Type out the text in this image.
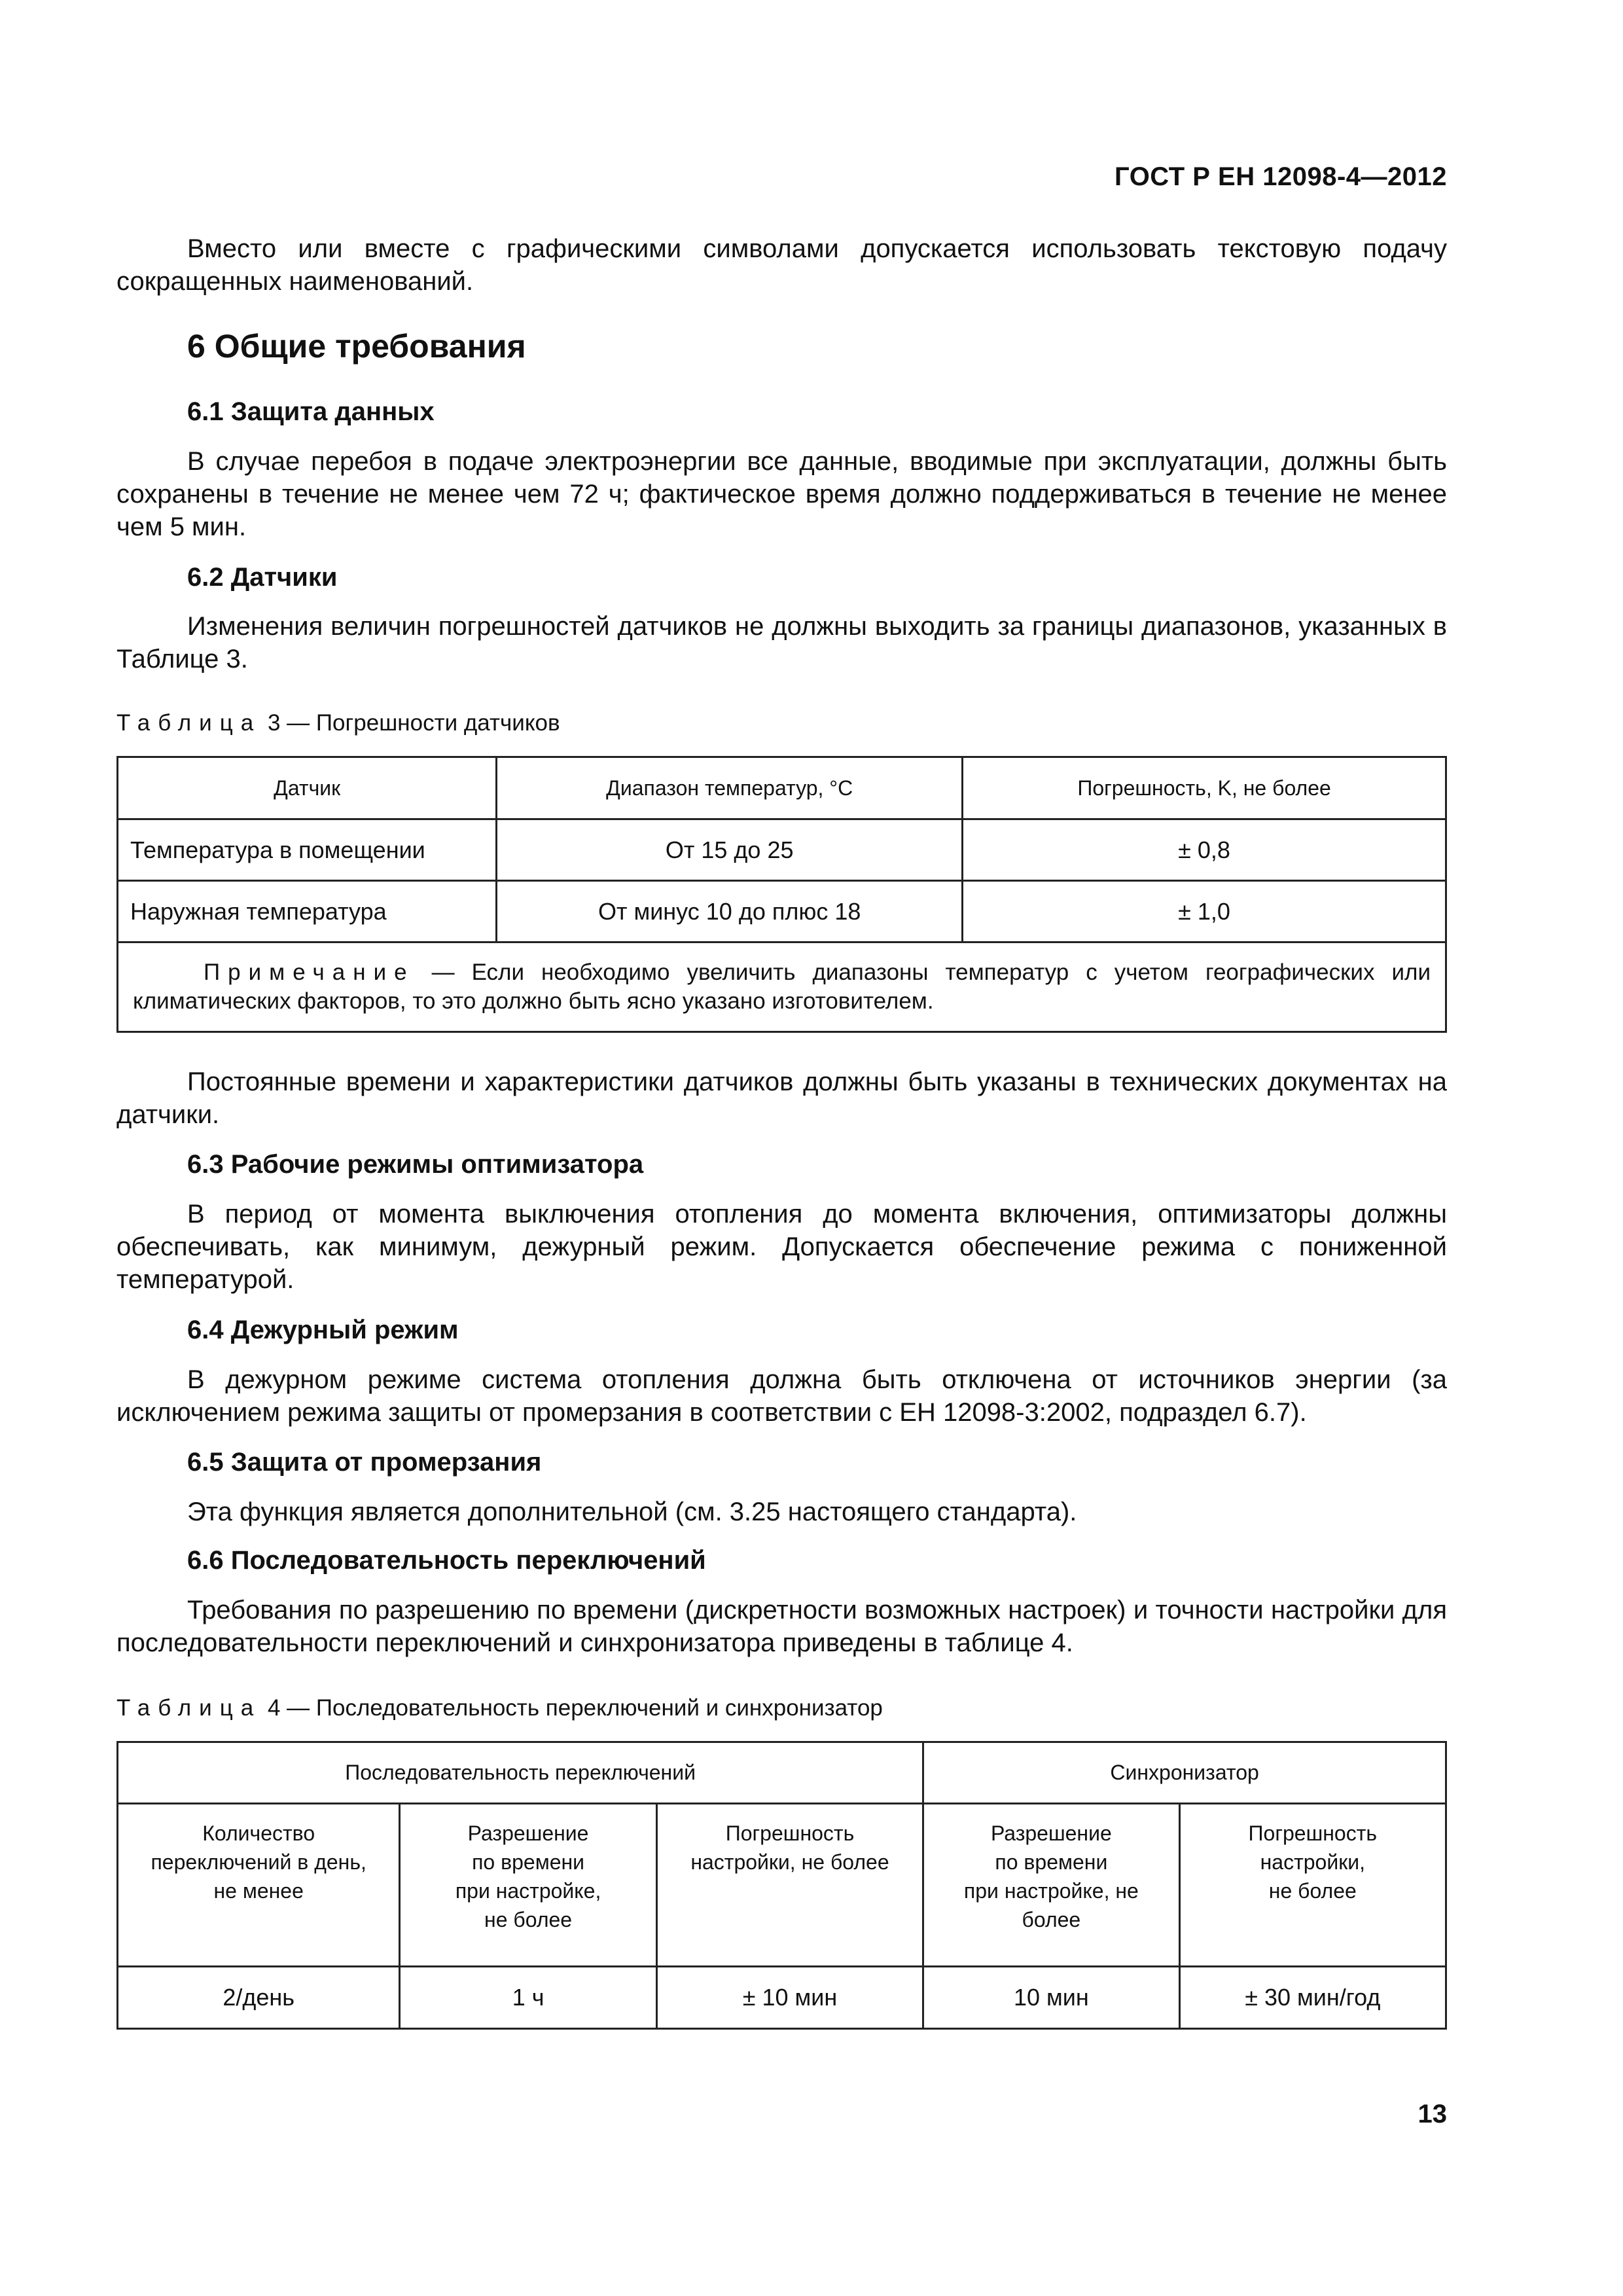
ГОСТ Р ЕН 12098-4—2012

Вместо или вместе с графическими символами допускается использовать текстовую подачу сокращенных наименований.

6 Общие требования
6.1 Защита данных

В случае перебоя в подаче электроэнергии все данные, вводимые при эксплуатации, должны быть сохранены в течение не менее чем 72 ч; фактическое время должно поддерживаться в течение не менее чем 5 мин.

6.2 Датчики

Изменения величин погрешностей датчиков не должны выходить за границы диапазонов, указанных в Таблице 3.

Таблица 3 — Погрешности датчиков
Датчик	Диапазон температур, °C	Погрешность, K, не более
Температура в помещении	От 15 до 25	± 0,8
Наружная температура	От минус 10 до плюс 18	± 1,0
Примечание — Если необходимо увеличить диапазоны температур с учетом географических или климатических факторов, то это должно быть ясно указано изготовителем.		

Постоянные времени и характеристики датчиков должны быть указаны в технических документах на датчики.

6.3 Рабочие режимы оптимизатора

В период от момента выключения отопления до момента включения, оптимизаторы должны обеспечивать, как минимум, дежурный режим. Допускается обеспечение режима с пониженной температурой.

6.4 Дежурный режим

В дежурном режиме система отопления должна быть отключена от источников энергии (за исключением режима защиты от промерзания в соответствии с ЕН 12098-3:2002, подраздел 6.7).

6.5 Защита от промерзания

Эта функция является дополнительной (см. 3.25 настоящего стандарта).

6.6 Последовательность переключений

Требования по разрешению по времени (дискретности возможных настроек) и точности настройки для последовательности переключений и синхронизатора приведены в таблице 4.

Таблица 4 — Последовательность переключений и синхронизатор
Последовательность переключений			Синхронизатор	
Количество
переключений в день,
не менее	Разрешение
по времени
при настройке,
не более	Погрешность
настройки, не более	Разрешение
по времени
при настройке, не
более	Погрешность
настройки,
не более
2/день	1 ч	± 10 мин	10 мин	± 30 мин/год
13
